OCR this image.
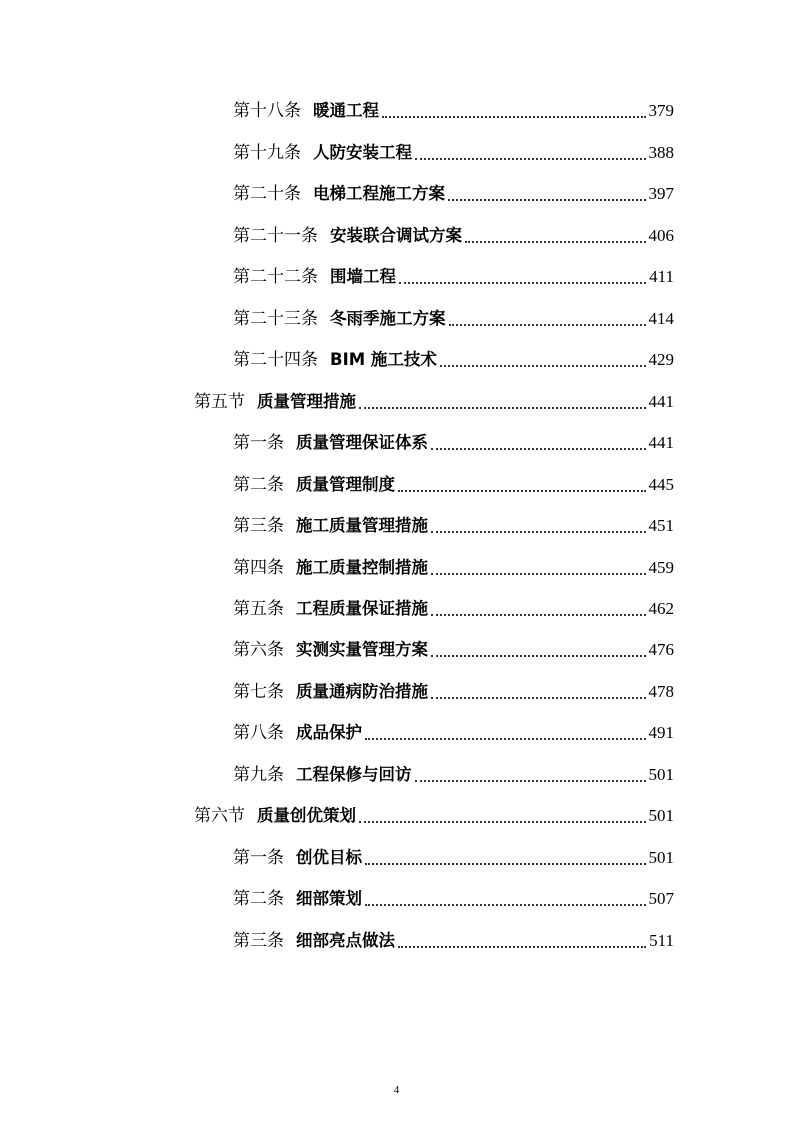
第十八条 暖通工程	379
第十九条 人防安装工程	388
第二十条 电梯工程施工方案	397
第二十一条 安装联合调试方案	406
第二十二条 围墙工程	411
第二十三条 冬雨季施工方案	414
第二十四条 BIM 施工技术	429
第五节 质量管理措施	441
第一条 质量管理保证体系	441
第二条 质量管理制度	445
第三条 施工质量管理措施	451
第四条 施工质量控制措施	459
第五条 工程质量保证措施	462
第六条 实测实量管理方案	476
第七条 质量通病防治措施	478
第八条 成品保护	491
第九条 工程保修与回访	501
第六节 质量创优策划	501
第一条 创优目标	501
第二条 细部策划	507
第三条 细部亮点做法	511
4
